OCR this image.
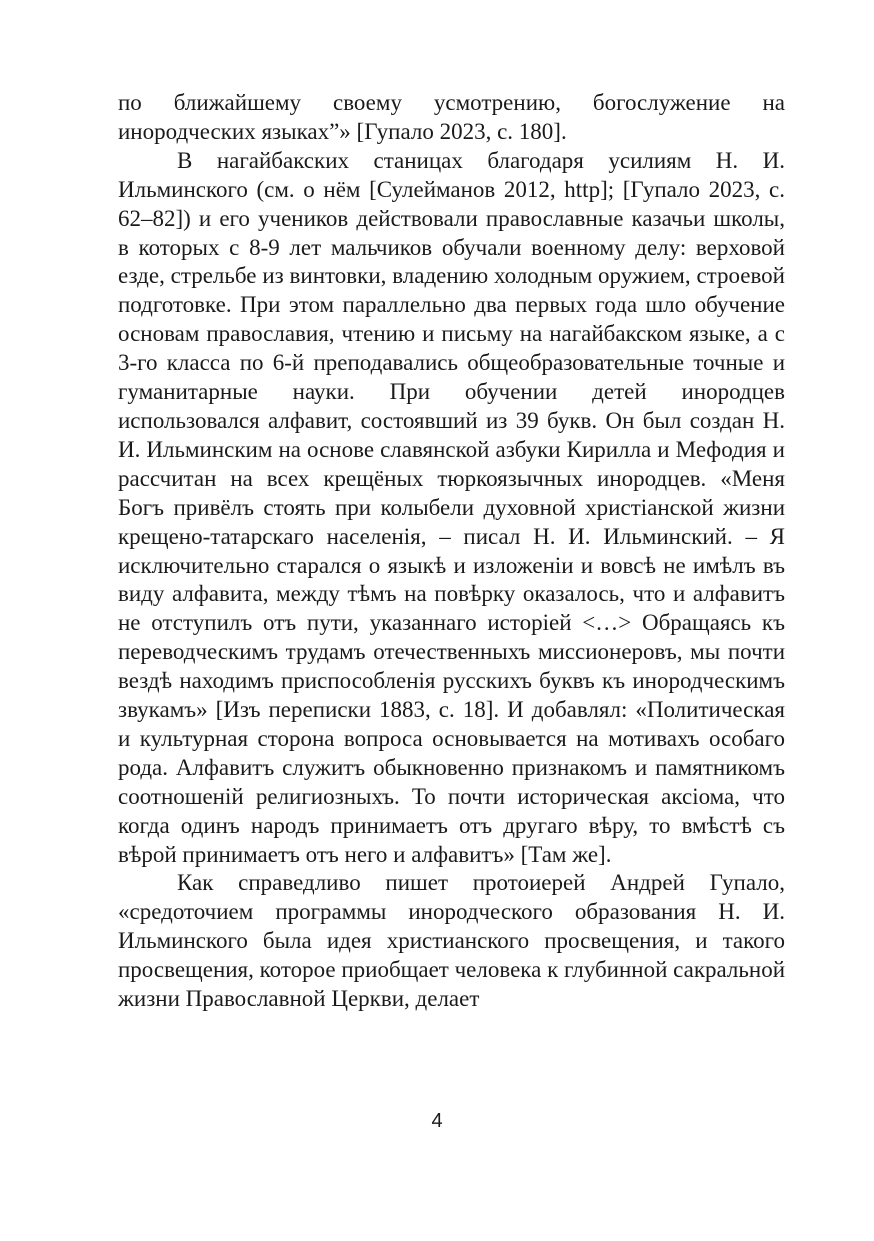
по ближайшему своему усмотрению, богослужение на инородческих языках”» [Гупало 2023, с. 180].

В нагайбакских станицах благодаря усилиям Н. И. Ильминского (см. о нём [Сулейманов 2012, http]; [Гупало 2023, с. 62–82]) и его учеников действовали православные казачьи школы, в которых с 8-9 лет мальчиков обучали военному делу: верховой езде, стрельбе из винтовки, владению холодным оружием, строевой подготовке. При этом параллельно два первых года шло обучение основам православия, чтению и письму на нагайбакском языке, а с 3-го класса по 6-й преподавались общеобразовательные точные и гуманитарные науки. При обучении детей инородцев использовался алфавит, состоявший из 39 букв. Он был создан Н. И. Ильминским на основе славянской азбуки Кирилла и Мефодия и рассчитан на всех крещёных тюркоязычных инородцев. «Меня Богъ привёлъ стоять при колыбели духовной христіанской жизни крещено-татарскаго населенія, – писал Н. И. Ильминский. – Я исключительно старался о языкѣ и изложеніи и вовсѣ не имѣлъ въ виду алфавита, между тѣмъ на повѣрку оказалось, что и алфавитъ не отступилъ отъ пути, указаннаго исторіей <…> Обращаясь къ переводческимъ трудамъ отечественныхъ миссионеровъ, мы почти вездѣ находимъ приспособленія русскихъ буквъ къ инородческимъ звукамъ» [Изъ переписки 1883, с. 18]. И добавлял: «Политическая и культурная сторона вопроса основывается на мотивахъ особаго рода. Алфавитъ служитъ обыкновенно признакомъ и памятникомъ соотношеній религиозныхъ. То почти историческая аксіома, что когда одинъ народъ принимаетъ отъ другаго вѣру, то вмѣстѣ съ вѣрой принимаетъ отъ него и алфавитъ» [Там же].

Как справедливо пишет протоиерей Андрей Гупало, «средоточием программы инородческого образования Н. И. Ильминского была идея христианского просвещения, и такого просвещения, которое приобщает человека к глубинной сакральной жизни Православной Церкви, делает

4
